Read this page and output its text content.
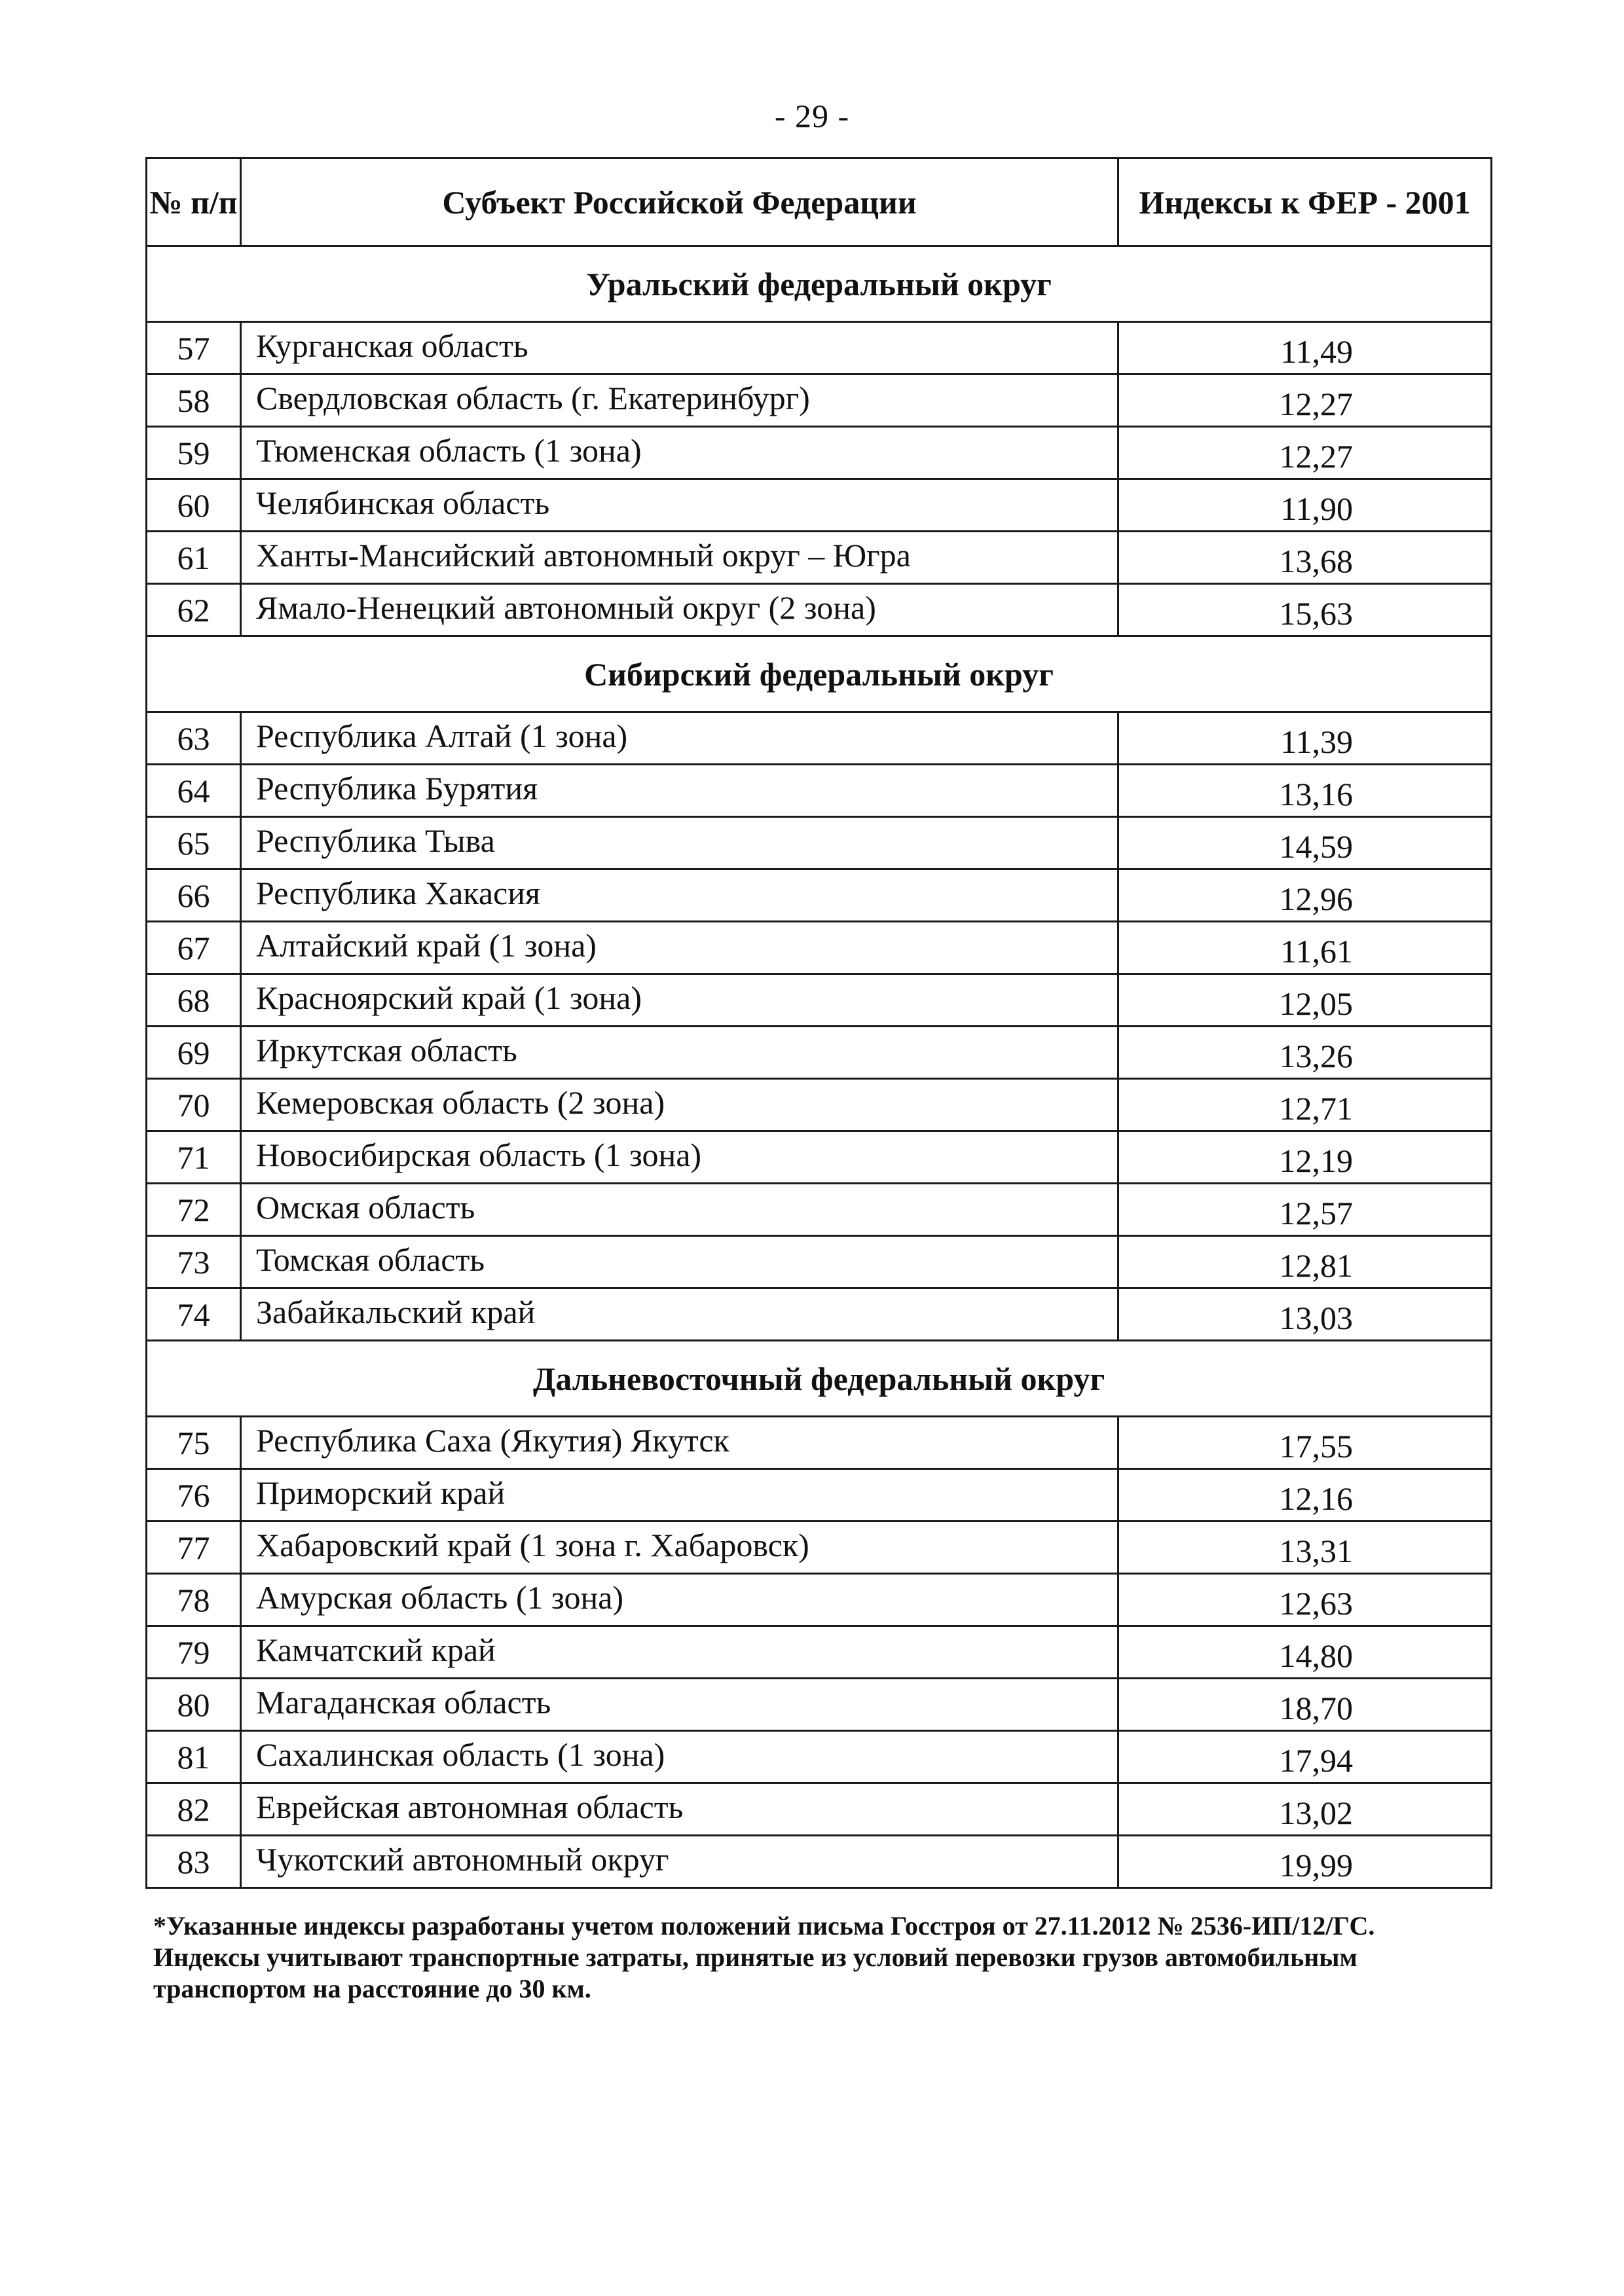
- 29 -
№ п/п	Субъект Российской Федерации	Индексы к ФЕР - 2001
Уральский федеральный округ		
57	Курганская область	11,49
58	Свердловская область (г. Екатеринбург)	12,27
59	Тюменская область (1 зона)	12,27
60	Челябинская область	11,90
61	Ханты-Мансийский автономный округ – Югра	13,68
62	Ямало-Ненецкий автономный округ (2 зона)	15,63
Сибирский федеральный округ		
63	Республика Алтай (1 зона)	11,39
64	Республика Бурятия	13,16
65	Республика Тыва	14,59
66	Республика Хакасия	12,96
67	Алтайский край (1 зона)	11,61
68	Красноярский край (1 зона)	12,05
69	Иркутская область	13,26
70	Кемеровская область (2 зона)	12,71
71	Новосибирская область (1 зона)	12,19
72	Омская область	12,57
73	Томская область	12,81
74	Забайкальский край	13,03
Дальневосточный федеральный округ		
75	Республика Саха (Якутия) Якутск	17,55
76	Приморский край	12,16
77	Хабаровский край (1 зона г. Хабаровск)	13,31
78	Амурская область (1 зона)	12,63
79	Камчатский край	14,80
80	Магаданская область	18,70
81	Сахалинская область (1 зона)	17,94
82	Еврейская автономная область	13,02
83	Чукотский автономный округ	19,99
*Указанные индексы разработаны учетом положений письма Госстроя от 27.11.2012 № 2536-ИП/12/ГС.
Индексы учитывают транспортные затраты, принятые из условий перевозки грузов автомобильным
транспортом на расстояние до 30 км.
